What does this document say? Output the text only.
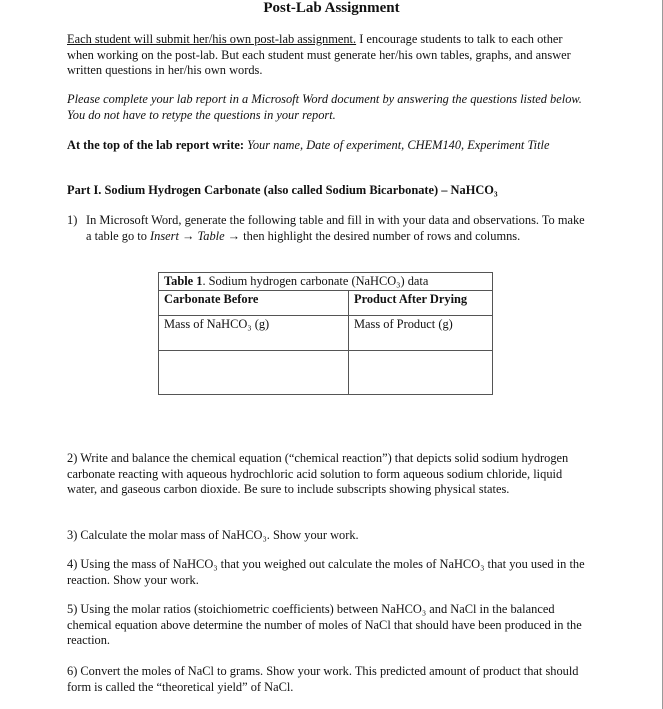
Post-Lab Assignment

Each student will submit her/his own post-lab assignment. I encourage students to talk to each other when working on the post-lab. But each student must generate her/his own tables, graphs, and answer written questions in her/his own words.

Please complete your lab report in a Microsoft Word document by answering the questions listed below. You do not have to retype the questions in your report.

At the top of the lab report write: Your name, Date of experiment, CHEM140, Experiment Title

Part I. Sodium Hydrogen Carbonate (also called Sodium Bicarbonate) – NaHCO₃

1) In Microsoft Word, generate the following table and fill in with your data and observations. To make a table go to Insert → Table → then highlight the desired number of rows and columns.
Table 1. Sodium hydrogen carbonate (NaHCO₃) data	
Carbonate Before	Product After Drying
Mass of NaHCO₃ (g)	Mass of Product (g)

2) Write and balance the chemical equation (“chemical reaction”) that depicts solid sodium hydrogen carbonate reacting with aqueous hydrochloric acid solution to form aqueous sodium chloride, liquid water, and gaseous carbon dioxide. Be sure to include subscripts showing physical states.

3) Calculate the molar mass of NaHCO₃. Show your work.

4) Using the mass of NaHCO₃ that you weighed out calculate the moles of NaHCO₃ that you used in the reaction. Show your work.

5) Using the molar ratios (stoichiometric coefficients) between NaHCO₃ and NaCl in the balanced chemical equation above determine the number of moles of NaCl that should have been produced in the reaction.

6) Convert the moles of NaCl to grams. Show your work. This predicted amount of product that should form is called the “theoretical yield” of NaCl.
